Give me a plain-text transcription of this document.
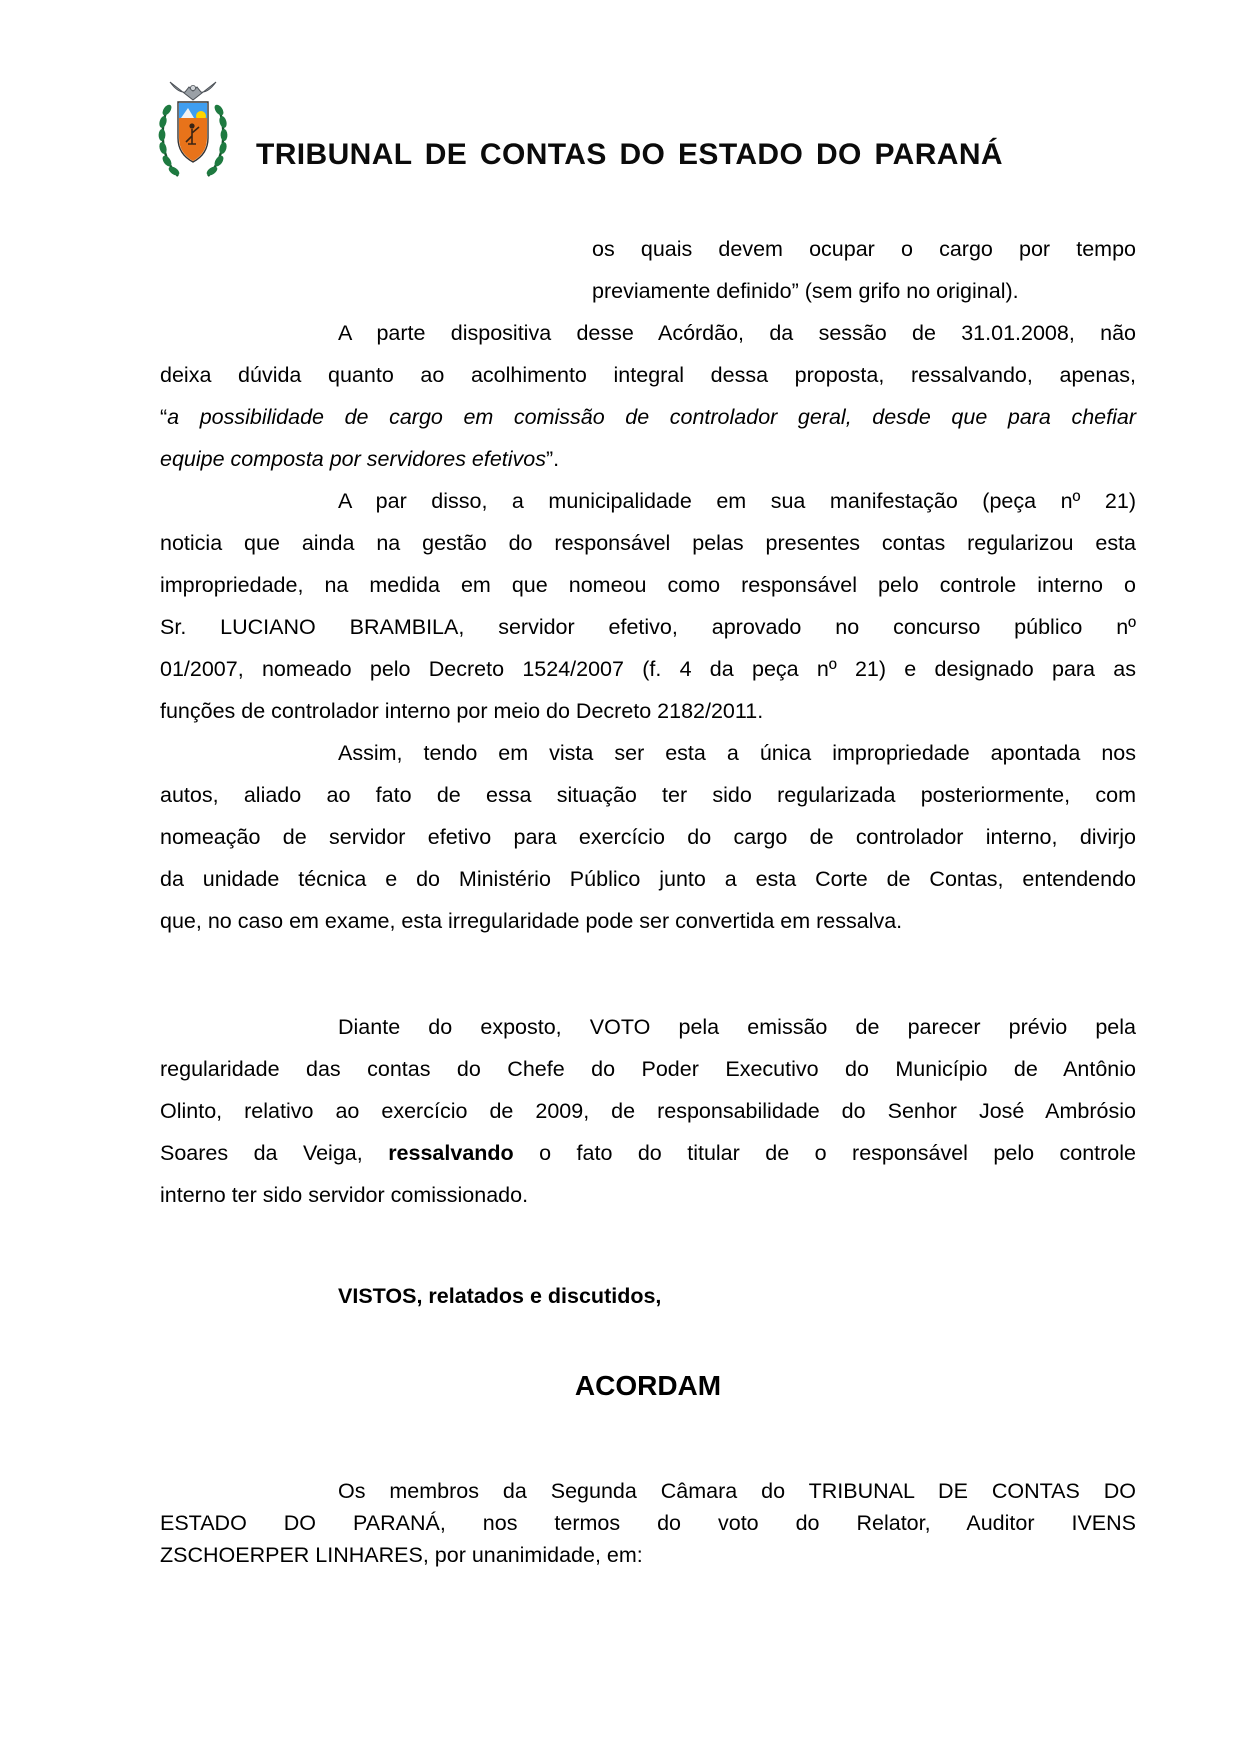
TRIBUNAL DE CONTAS DO ESTADO DO PARANÁ
os quais devem ocupar o cargo por tempo
previamente definido” (sem grifo no original).
A parte dispositiva desse Acórdão, da sessão de 31.01.2008, não
deixa dúvida quanto ao acolhimento integral dessa proposta, ressalvando, apenas,
“a possibilidade de cargo em comissão de controlador geral, desde que para chefiar
equipe composta por servidores efetivos”.
A par disso, a municipalidade em sua manifestação (peça nº 21)
noticia que ainda na gestão do responsável pelas presentes contas regularizou esta
impropriedade, na medida em que nomeou como responsável pelo controle interno o
Sr. LUCIANO BRAMBILA, servidor efetivo, aprovado no concurso público nº
01/2007, nomeado pelo Decreto 1524/2007 (f. 4 da peça nº 21) e designado para as
funções de controlador interno por meio do Decreto 2182/2011.
Assim, tendo em vista ser esta a única impropriedade apontada nos
autos, aliado ao fato de essa situação ter sido regularizada posteriormente, com
nomeação de servidor efetivo para exercício do cargo de controlador interno, divirjo
da unidade técnica e do Ministério Público junto a esta Corte de Contas, entendendo
que, no caso em exame, esta irregularidade pode ser convertida em ressalva.
Diante do exposto, VOTO pela emissão de parecer prévio pela
regularidade das contas do Chefe do Poder Executivo do Município de Antônio
Olinto, relativo ao exercício de 2009, de responsabilidade do Senhor José Ambrósio
Soares da Veiga, ressalvando o fato do titular de o responsável pelo controle
interno ter sido servidor comissionado.
VISTOS, relatados e discutidos,
ACORDAM
Os membros da Segunda Câmara do TRIBUNAL DE CONTAS DO
ESTADO DO PARANÁ, nos termos do voto do Relator, Auditor IVENS
ZSCHOERPER LINHARES, por unanimidade, em:
